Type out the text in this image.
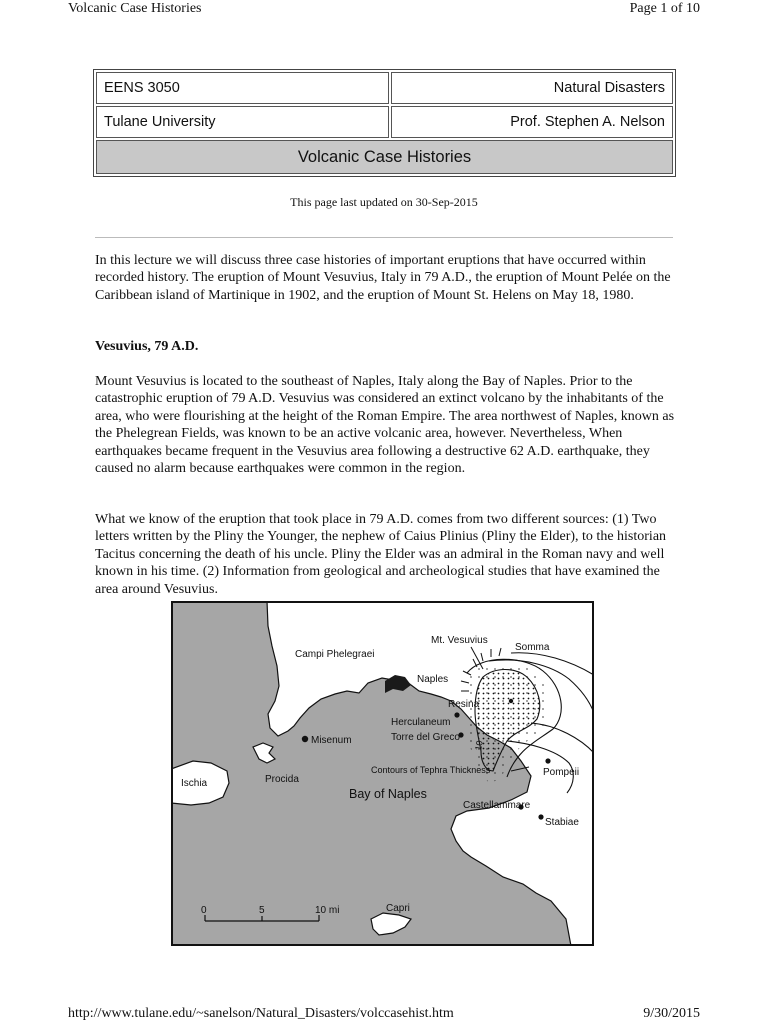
Volcanic Case Histories	Page 1 of 10
EENS 3050	Natural Disasters
Tulane University	Prof. Stephen A. Nelson
Volcanic Case Histories
This page last updated on 30-Sep-2015

In this lecture we will discuss three case histories of important eruptions that have occurred within recorded history. The eruption of Mount Vesuvius, Italy in 79 A.D., the eruption of Mount Pelée on the Caribbean island of Martinique in 1902, and the eruption of Mount St. Helens on May 18, 1980.

Vesuvius, 79 A.D.

Mount Vesuvius is located to the southeast of Naples, Italy along the Bay of Naples. Prior to the catastrophic eruption of 79 A.D. Vesuvius was considered an extinct volcano by the inhabitants of the area, who were flourishing at the height of the Roman Empire. The area northwest of Naples, known as the Phelegrean Fields, was known to be an active volcanic area, however. Nevertheless, When earthquakes became frequent in the Vesuvius area following a destructive 62 A.D. earthquake, they caused no alarm because earthquakes were common in the region.

What we know of the eruption that took place in 79 A.D. comes from two different sources: (1) Two letters written by the Pliny the Younger, the nephew of Caius Plinius (Pliny the Elder), to the historian Tacitus concerning the death of his uncle. Pliny the Elder was an admiral in the Roman navy and well known in his time. (2) Information from geological and archeological studies that have examined the area around Vesuvius.

Mt. Vesuvius
Somma
Campi Phelegraei
Naples
Resina
Herculaneum
Torre del Greco
10
Misenum
Ischia	Procida
Contours of Tephra Thickness	Pompeii
Bay of Naples
Castellammare
Stabiae
Capri
0	5	10 mi
http://www.tulane.edu/~sanelson/Natural_Disasters/volccasehist.htm	9/30/2015
